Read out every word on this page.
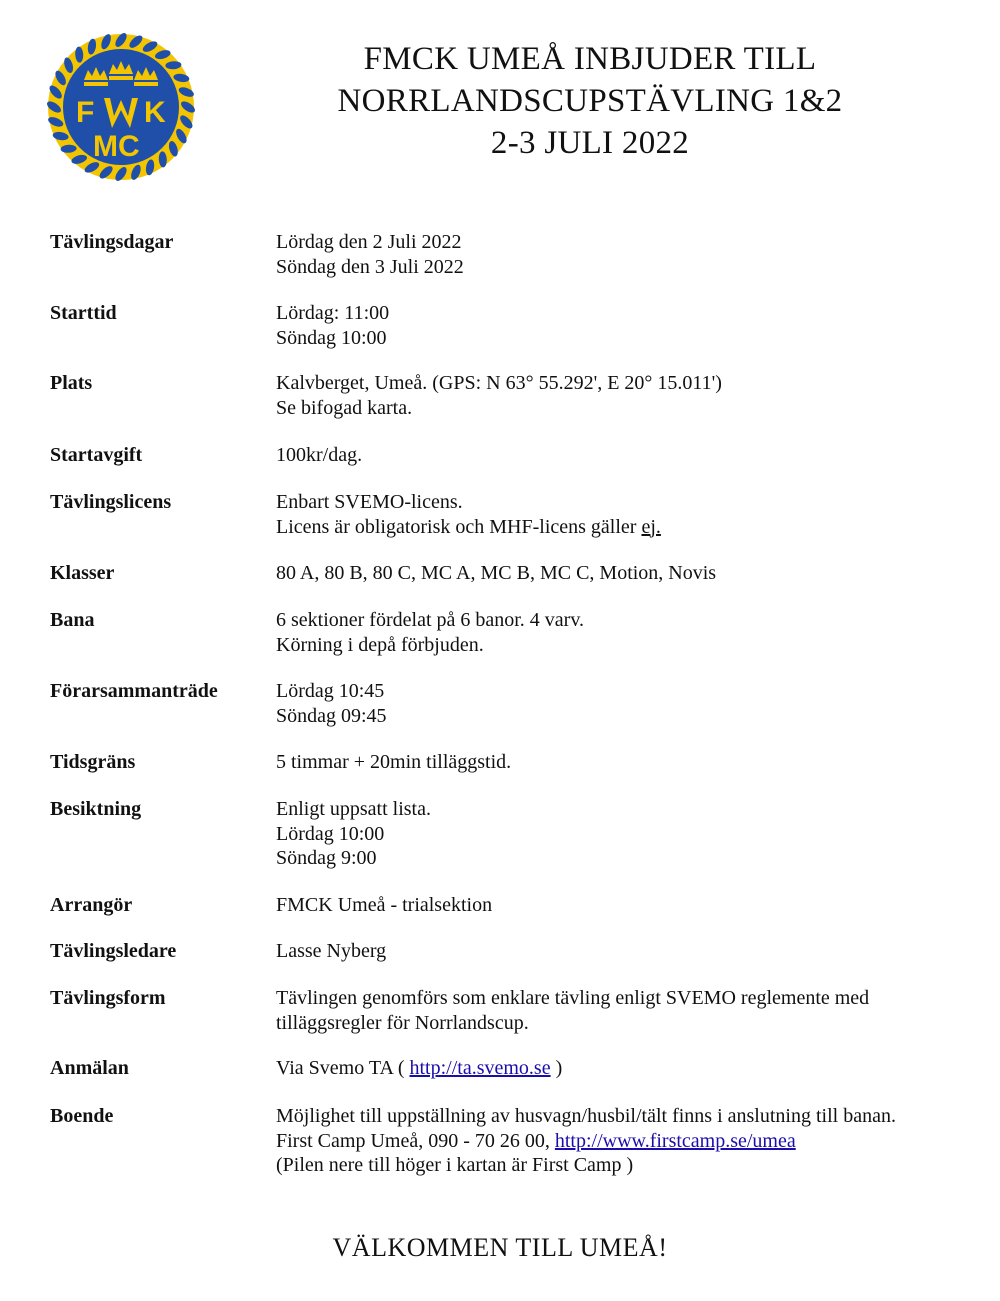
F K
MC
FMCK UMEÅ INBJUDER TILL
NORRLANDSCUPSTÄVLING 1&2
2-3 JULI 2022
Tävlingsdagar	Lördag den 2 Juli 2022
Söndag den 3 Juli 2022
Starttid	Lördag: 11:00
Söndag 10:00
Plats	Kalvberget, Umeå. (GPS: N 63° 55.292', E 20° 15.011')
Se bifogad karta.
Startavgift	100kr/dag.
Tävlingslicens	Enbart SVEMO-licens.
Licens är obligatorisk och MHF-licens gäller ej.
Klasser	80 A, 80 B, 80 C, MC A, MC B, MC C, Motion, Novis
Bana	6 sektioner fördelat på 6 banor. 4 varv.
Körning i depå förbjuden.
Förarsammanträde	Lördag 10:45
Söndag 09:45
Tidsgräns	5 timmar + 20min tilläggstid.
Besiktning	Enligt uppsatt lista.
Lördag 10:00
Söndag 9:00
Arrangör	FMCK Umeå - trialsektion
Tävlingsledare	Lasse Nyberg
Tävlingsform	Tävlingen genomförs som enklare tävling enligt SVEMO reglemente med
tilläggsregler för Norrlandscup.
Anmälan	Via Svemo TA ( http://ta.svemo.se )
Boende	Möjlighet till uppställning av husvagn/husbil/tält finns i anslutning till banan.
First Camp Umeå, 090 - 70 26 00, http://www.firstcamp.se/umea
(Pilen nere till höger i kartan är First Camp )
VÄLKOMMEN TILL UMEÅ!
